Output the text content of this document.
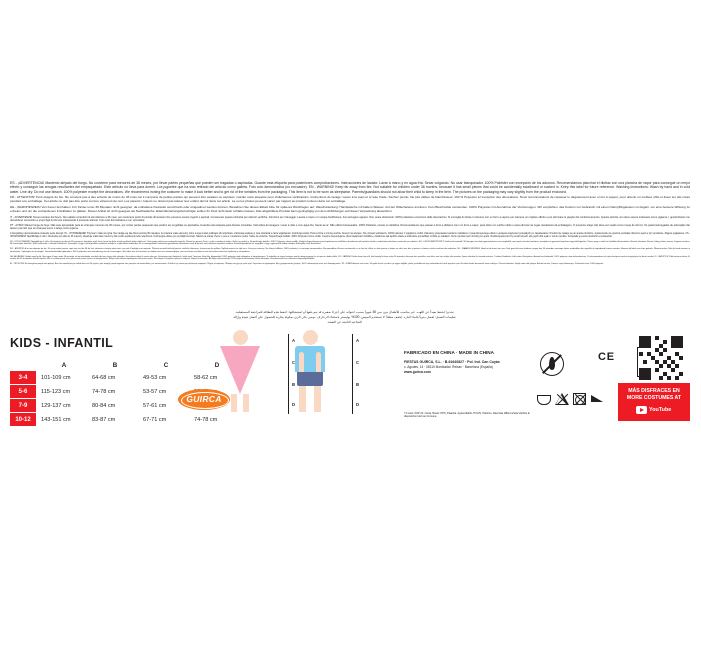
ES - ¡ADVERTENCIA! Mantenlo alejado del fuego. No conviene para menores de 36 meses, por llevar partes pequeñas que pueden ser tragadas o aspiradas. Guarde esta etiqueta para posteriores comprobaciones. Instrucciones de lavado: Lavar a mano y en agua fría. Secar colgando. No usar blanqueador. 100% Poliéster con excepción de los adornos. Recomendamos planchar el disfraz con una plancha de vapor para conseguir un mejor efecto y conseguir las arrugas resultantes del empaquetado. Este articulo no lleva para dormir. Los juguetes que ha sido retirado del articulo como galleta. Foto solo demostrativa (no encuadre). EN - WARNING! Keep far away from fire. Not suitable for children under 36 months, because it has small pieces that could be accidentally swallowed or sucked in. Keep this label for future reference. Washing instructions: Wash by hand and in cold water. Line dry. Do not use bleach. 100% polyester except the decorations. We recommend ironing the costume to make it look better and to get rid of the wrinkles from the packaging. This item is not to be worn as sleepwear. Parents/guardians should not allow their child to sleep in the item. The pictures on the packaging may vary slightly from the product enclosed.

FR - ATTENTION! Tenir éloigné du feu. Ne convient pas à des enfants de moins de 36 mois car il comporte de petites parties qui peuvent être avalées ou aspirées. Garder cette étiquette pour d'ultérieures vérifications. Instructions de lavage: Lavez à la main et à l'eau froide. Séchez pendu. Ne pas utiliser de blanchisseur. 100 % Polyester à l'exception des décorations. Nous recommandons de repasser le déguisement avec un fer à vapeur, pour obtenir un meilleur effet et lisser les plis créés pendant son emballage. Cet article ne doit pas être porté comme vêtement de nuit. Les parents / tuteurs ne doivent pas laisser leur enfant dormir dans cet article. La ou les photos peuvent varier par rapport au produit contenu dans cet emballage.

DE - WARNHINWEIS! Von Feuer fernhalten. Für Kinder unter 36 Monaten nicht geeignet, da enthaltene Kleinteile verschluckt oder eingeatmet werden können. Bewahren Sie dieses Etikett bitte für späteres Rückfragen auf. Waschanleitung: Handwäsche mit kaltem Wasser. Auf der Wäscheleine trocknen. Kein Bleichmittel verwenden. 100% Polyester mit Ausnahme der Verzierungen. Wir empfehlen, das Kostüm vor Gebrauch mit einem Dampfbügeleisen zu bügeln, um eine bessere Wirkung zu erzielen und um die vorhandenen Knickfalten zu glätten. Dieser Artikel ist nicht geeignet als Nachtwäsche. Eltern/Erziehungsberechtigte sollten ihr Kind nicht darin schlafen lassen. Das abgebildete Produkt kann geringfügig von dem Abbildungen auf dieser Verpackung abweichen.

IT - AVVERTENZE! Tenere lontano dal fuoco. Non adatto a bambini di età inferiore a 36 mesi, per contenere pezzi di piccole dimensioni che possono essere ingeriti o aspirati. Conservare questa etichetta per ulteriori verifiche. Istruzioni per il lavaggio: Lavare a mano e in acqua freddissima. Far asciugare appeso. Non usare sbiancanti. 100% poliestere eccezione delle decorazioni. Si consiglia di stirare il costume con un ferro a vapore per ottenere un migliore effetto e per eliminare le pieghe del confezionamento. Questo articolo non deve essere indossato come pigiama. I genitori/tutori non dovrebbero consentire a propri figli di dormire indossando il presente articolo. Foto solo dimostrativa e non vincolante.

PT - AVISO! Mantar longe do fogo. Não este apropriado para as crianças menores de 36 meses, por conter partes pequenas que podem ser engolidas ou aspiradas. Guardar esta etiqueta para futuras consultas. Instruções de lavagem: Lavar à mão e com água fria. Secar ao ar. Não utilize branqueador. 100% Poliéster, exceto os detalhes. Recomendamos que passar a ferro a disfarce com um ferro a vapor, para obter um melhor efeito e para eliminar as rugas resultantes da embalagem. O presente artigo não deve ser usado como roupa de dormir. Os pais/encarregados de educação não devem permitir que as crianças usem o artigo como pijama.

A fotografia é demonstrativa conteúdo pode divergir. PL - OSTRZEŻENIE! Trzymać z dala od ognia. Nie nadaje się dla dzieci poniżej 36 miesiąca, bo zawiera małe elementy, które mogą zostać połknięte lub wdychane. Zachowaj etykietę w celu okazania w razie wątpliwości. Instrukcja prania: Prać ręcznie w zimnej wodzie. Suszyć na wisząco. Nie używać wybielaczy. 100% poliester z wyjątkiem ozdób. Zalecamy prasowanie kostiumu żelazkiem z parą dla lepszego efektu i usunięcia zagnieceń powstałych po zapakowaniu. Produkt nie nadaje się do spania. Rodzice i opiekunowie nie powinni pozwalać dzieciom spać w tym produkcie. Zdjęcie poglądowe. CS - UPOZORNĚNÍ! Nepřibližujte k ohni. Nevhodné pro děti do 36 měsíců, obsahuje malé části, které by dítě mohlo spolknout nebo vdechnout. Uschovejte etiketu pro pozdější kontrolu. Návod na pranie: Perte v ruce a v studenou vodou. Sušte na vzduchu. Nepoužívejte bělidlo. 100% Polyester mimo ozdob. Kostým doporučujeme před napařovací žehličkou, dosáhnete tak lepšího efektu a odstraníte pomačkání vzniklé po zabalení. Tento výrobek není vhodný pro spaní. Rodiče/opatrovníci by neměli dovolit, aby jejich dítě spalo v tomto výrobku. Fotografie je pouze ilustrační a nezávazná.

SK - UPOZORNENIE! Nepribližujte k ohňu. Nevhodné pre deti do 36 mesiacov, obsahuje malé časti, ktoré by dieťa mohlo spolknúť alebo vdýchnuť. Uschovajte etiketu pre neskoršiu kontrolu. Návod na pranie: Perte v ruke a studenou vodou. Sušte na vzduchu. Nepoužívajte bielidlo. 100% Polyester okrem ozdôb. Kostým doporučujeme pred napařovacou žehličkou, dosiahnete tak lepšieho efektu a odstránite pokrčenie vzniknuté po zabalení. HU - FIGYELMEZTETÉS! Tűztől távol tartandó! 36 hónapos kor alatti gyermekeknek nem megfelelő, mert apró részeket tartalmaz, amelyeket a gyermek lenyelhet vagy belélegezhet. Őrizze meg a címkét a későbbi ellenőrzéshez. Mosási útmutató: Kézzel, hideg vízben mossa. Lógatva szárítsa. Ne használjon fehérítőt. 100% poliészter, a díszek kivételével. Javasoljuk, hogy a ruhát gőzölős vasalóval vasalja ki a jobb hatás érdekében és a csomagolásból származó gyűrődések eltüntetése miatt. A termék nem alkalmas éjszakai viseletre. A szülők/gondozók ne engedjék, hogy a gyermekük ebben aludjon. A fénykép csak illusztráció.

RO - ATENȚIE! A se ține departe de foc. Nu este potrivit pentru copii mai mici de 36 de luni, deoarece conține piese mici care pot fi înghițite sau aspirate. Păstrați această etichetă pentru verificări ulterioare. Instrucțiuni de spălare: Spălați manual cu apă rece. Uscați pe umeraș. Nu folosiți înălbitor. 100% poliester, cu excepția ornamentelor. Recomandăm călcarea costumului cu un fier de călcat cu abur pentru a obține un efect mai bun și pentru a elimina cutele rezultate din ambalare. NL - WAARSCHUWING! Houd uit de buurt van vuur. Niet geschikt voor kinderen jonger dan 36 maanden vanwege kleine onderdelen die ingeslikt of ingeademd kunnen worden. Bewaar dit label voor later gebruik. Wasinstructies: Met de hand wassen in koud water. Ophangen om te drogen. Geen bleekmiddel gebruiken. 100% polyester met uitzondering van de versieringen. Wij raden aan het kostuum te strijken met een stoomstrijkijzer voor een beter resultaat en om de kreuken door het inpakken te verwijderen.

DA - ADVARSEL! Holdes væk fra ild. Ikke egnet til børn under 36 måneder, da det indeholder små dele der kan sluges eller indåndes. Gem denne etiket til senere eftersyn. Vaskeanvisning: Håndvask i koldt vand. Tørresnor. Brug ikke blegemiddel. 100% polyester med undtagelse af udsmykningen. Vi anbefaler at stryge kostumet med et dampstrygejern for at opnå en bedre effekt. SV - VARNING! Hålles borta från eld. Inte lämplig för barn under 36 månader, eftersom den innehåller små delar som kan sväljas eller inandas. Spara etiketten för framtida referens. Tvättråd: Handtvätt i kallt vatten. Hängtorkas. Använd inte blekmedel. 100% polyester utom dekorationerna. Vi rekommenderar att stryka kostymen med ett ångstrykjärn för bästa resultat. FI - VAROITUS! Pidä kaukana tulesta. Ei sovellu alle 36 kuukauden ikäisille lapsille, sillä se sisältää pieniä osia, jotka voivat joutua nieluun tai hengitysteihin. Säilytä tämä etiketti myöhempää tarkastusta varten. Pesuohjeet: Käsinpesu kylmässä vedessä. Ripusta kuivumaan. Älä käytä valkaisuainetta. 100% polyesteriä koristeita lukuun ottamatta. Suosittelemme asun silittämistä höyrysilitysraudalla.

EL - ΠΡΟΣΟΧΗ! Να διατηρείται μακριά από φλόγες. Δεν είναι κατάλληλο για παιδιά κάτω των 36 μηνών, γιατί περιέχει μικρά κομμάτια που μπορούν να καταποθούν ή να εισπνευστούν. Φυλάξτε την ετικέτα για μελλοντική αναφορά. Οδηγίες πλυσίματος: Πλύσιμο στο χέρι με κρύο νερό. Στεγνώστε το κρεμασμένο. Μην χρησιμοποιείτε χλωρίνη. 100% πολυεστέρας εκτός των διακοσμητικών. TR - UYARI! Ateşten uzak tutun. 36 aydan küçük çocuklar için uygun değildir, çünkü yutulabilecek veya solunabilecek küçük parçalar içerir. Bu etiketi ileride başvurmak üzere saklayın. Yıkama talimatları: Soğuk suda elde yıkayın. Askıda kurutun. Çamaşır suyu kullanmayın. Süslemeler hariç %100 polyester.

تحذير! يُحفظ بعيداً عن اللهب. غير مناسب للأطفال دون سن 36 شهراً بسبب احتوائه على أجزاء صغيرة قد يتم بلعها أو استنشاقها. احفظ هذه البطاقة للمراجعة المستقبلية. تعليمات الغسل: يُغسل يدوياً بالماء البارد. يُجفف معلقاً. لا تستخدم المبيض. 100% بوليستر باستثناء الزخارف. نوصي بكي الزي بمكواة بخارية للحصول على أفضل نتيجة وإزالة التجاعيد الناتجة عن التعبئة.
KIDS - INFANTIL
	A	B	C	D
3-4	101-109 cm	64-68 cm	49-53 cm	58-62 cm
5-6	115-123 cm	74-78 cm	53-57 cm	
7-9	129-137 cm	80-84 cm	57-61 cm	
10-12	143-151 cm	83-87 cm	67-71 cm	74-78 cm
A
C
B
D
A
C
B
D
GUIRCA
FABRICADO EN CHINA · MADE IN CHINA
FIESTAS GUIRCA, S.L. · B-61640827 · Pol. Ind. Can Cuyàs
c. Agudes, 14 · 08110 Montcada i Reixac · Barcelona (España)
www.guirca.com
71 Caro: PAP 21; Carta, Buste: PPS, Plastica. Appendiabiti: PVC/S. Plastico. Raccolta differenziata Verifica le disposizioni del tuo Comune.
CE
MÁS DISFRACES EN
MORE COSTUMES AT
YouTube
